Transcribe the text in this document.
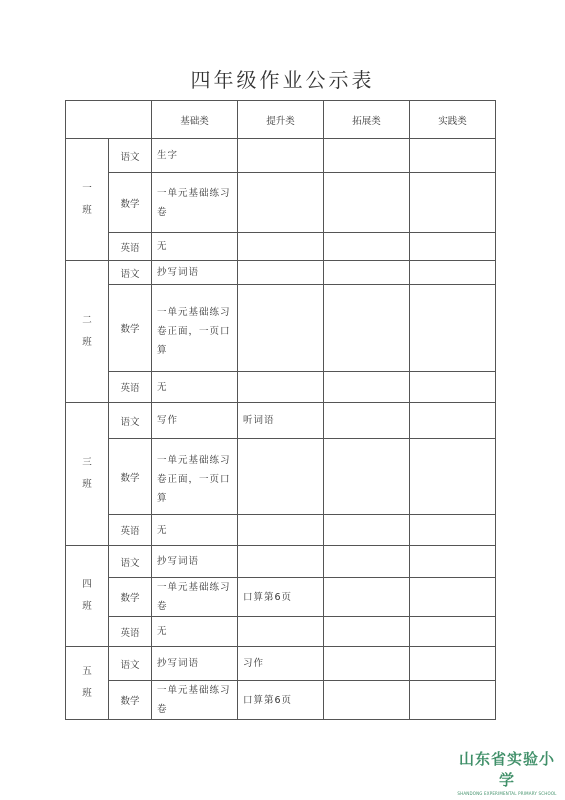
四年级作业公示表
		基础类	提升类	拓展类	实践类
一
班	语文	生字			

	数学	一单元基础练习卷			

	英语	无			

二
班	语文	抄写词语			

	数学	一单元基础练习卷正面，一页口算			

	英语	无			

三
班	语文	写作	听词语		

	数学	一单元基础练习卷正面，一页口算			

	英语	无			

四
班	语文	抄写词语			

	数学	一单元基础练习卷	口算第6页		

	英语	无			

五
班	语文	抄写词语	习作		

	数学	一单元基础练习卷	口算第6页		

山东省实验小学
SHANDONG EXPERIMENTAL PRIMARY SCHOOL
